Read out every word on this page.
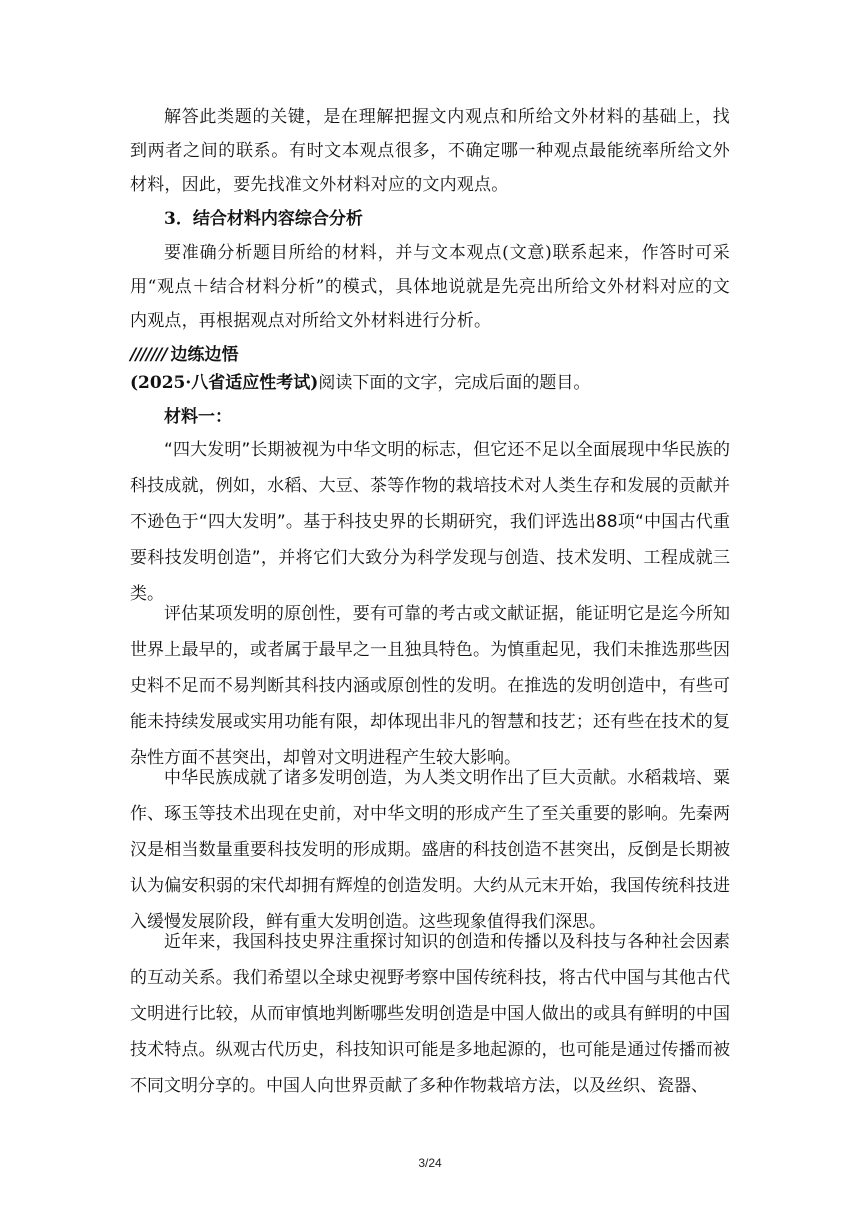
解答此类题的关键，是在理解把握文内观点和所给文外材料的基础上，找到两者之间的联系。有时文本观点很多，不确定哪一种观点最能统率所给文外材料，因此，要先找准文外材料对应的文内观点。
3．结合材料内容综合分析
要准确分析题目所给的材料，并与文本观点(文意)联系起来，作答时可采用“观点＋结合材料分析”的模式，具体地说就是先亮出所给文外材料对应的文内观点，再根据观点对所给文外材料进行分析。
/////// 边练边悟
(2025·八省适应性考试)阅读下面的文字，完成后面的题目。
材料一：
“四大发明”长期被视为中华文明的标志，但它还不足以全面展现中华民族的科技成就，例如，水稻、大豆、茶等作物的栽培技术对人类生存和发展的贡献并不逊色于“四大发明”。基于科技史界的长期研究，我们评选出88项“中国古代重要科技发明创造”，并将它们大致分为科学发现与创造、技术发明、工程成就三类。
评估某项发明的原创性，要有可靠的考古或文献证据，能证明它是迄今所知世界上最早的，或者属于最早之一且独具特色。为慎重起见，我们未推选那些因史料不足而不易判断其科技内涵或原创性的发明。在推选的发明创造中，有些可能未持续发展或实用功能有限，却体现出非凡的智慧和技艺；还有些在技术的复杂性方面不甚突出，却曾对文明进程产生较大影响。
中华民族成就了诸多发明创造，为人类文明作出了巨大贡献。水稻栽培、粟作、琢玉等技术出现在史前，对中华文明的形成产生了至关重要的影响。先秦两汉是相当数量重要科技发明的形成期。盛唐的科技创造不甚突出，反倒是长期被认为偏安积弱的宋代却拥有辉煌的创造发明。大约从元末开始，我国传统科技进入缓慢发展阶段，鲜有重大发明创造。这些现象值得我们深思。
近年来，我国科技史界注重探讨知识的创造和传播以及科技与各种社会因素的互动关系。我们希望以全球史视野考察中国传统科技，将古代中国与其他古代文明进行比较，从而审慎地判断哪些发明创造是中国人做出的或具有鲜明的中国技术特点。纵观古代历史，科技知识可能是多地起源的，也可能是通过传播而被不同文明分享的。中国人向世界贡献了多种作物栽培方法，以及丝织、瓷器、
3/24
